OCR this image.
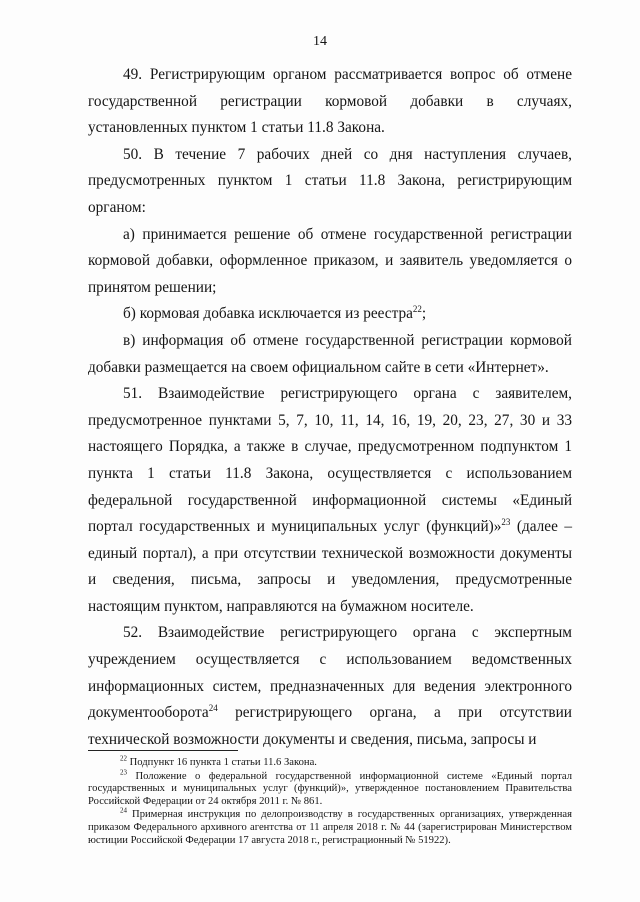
14

49. Регистрирующим органом рассматривается вопрос об отмене государственной регистрации кормовой добавки в случаях, установленных пунктом 1 статьи 11.8 Закона.

50. В течение 7 рабочих дней со дня наступления случаев, предусмотренных пунктом 1 статьи 11.8 Закона, регистрирующим органом:

а) принимается решение об отмене государственной регистрации кормовой добавки, оформленное приказом, и заявитель уведомляется о принятом решении;

б) кормовая добавка исключается из реестра$^{22}$;

в) информация об отмене государственной регистрации кормовой добавки размещается на своем официальном сайте в сети «Интернет».

51. Взаимодействие регистрирующего органа с заявителем, предусмотренное пунктами 5, 7, 10, 11, 14, 16, 19, 20, 23, 27, 30 и 33 настоящего Порядка, а также в случае, предусмотренном подпунктом 1 пункта 1 статьи 11.8 Закона, осуществляется с использованием федеральной государственной информационной системы «Единый портал государственных и муниципальных услуг (функций)»$^{23}$ (далее – единый портал), а при отсутствии технической возможности документы и сведения, письма, запросы и уведомления, предусмотренные настоящим пунктом, направляются на бумажном носителе.

52. Взаимодействие регистрирующего органа с экспертным учреждением осуществляется с использованием ведомственных информационных систем, предназначенных для ведения электронного документооборота$^{24}$ регистрирующего органа, а при отсутствии технической возможности документы и сведения, письма, запросы и

$^{22}$ Подпункт 16 пункта 1 статьи 11.6 Закона.

$^{23}$ Положение о федеральной государственной информационной системе «Единый портал государственных и муниципальных услуг (функций)», утвержденное постановлением Правительства Российской Федерации от 24 октября 2011 г. № 861.

$^{24}$ Примерная инструкция по делопроизводству в государственных организациях, утвержденная приказом Федерального архивного агентства от 11 апреля 2018 г. № 44 (зарегистрирован Министерством юстиции Российской Федерации 17 августа 2018 г., регистрационный № 51922).
